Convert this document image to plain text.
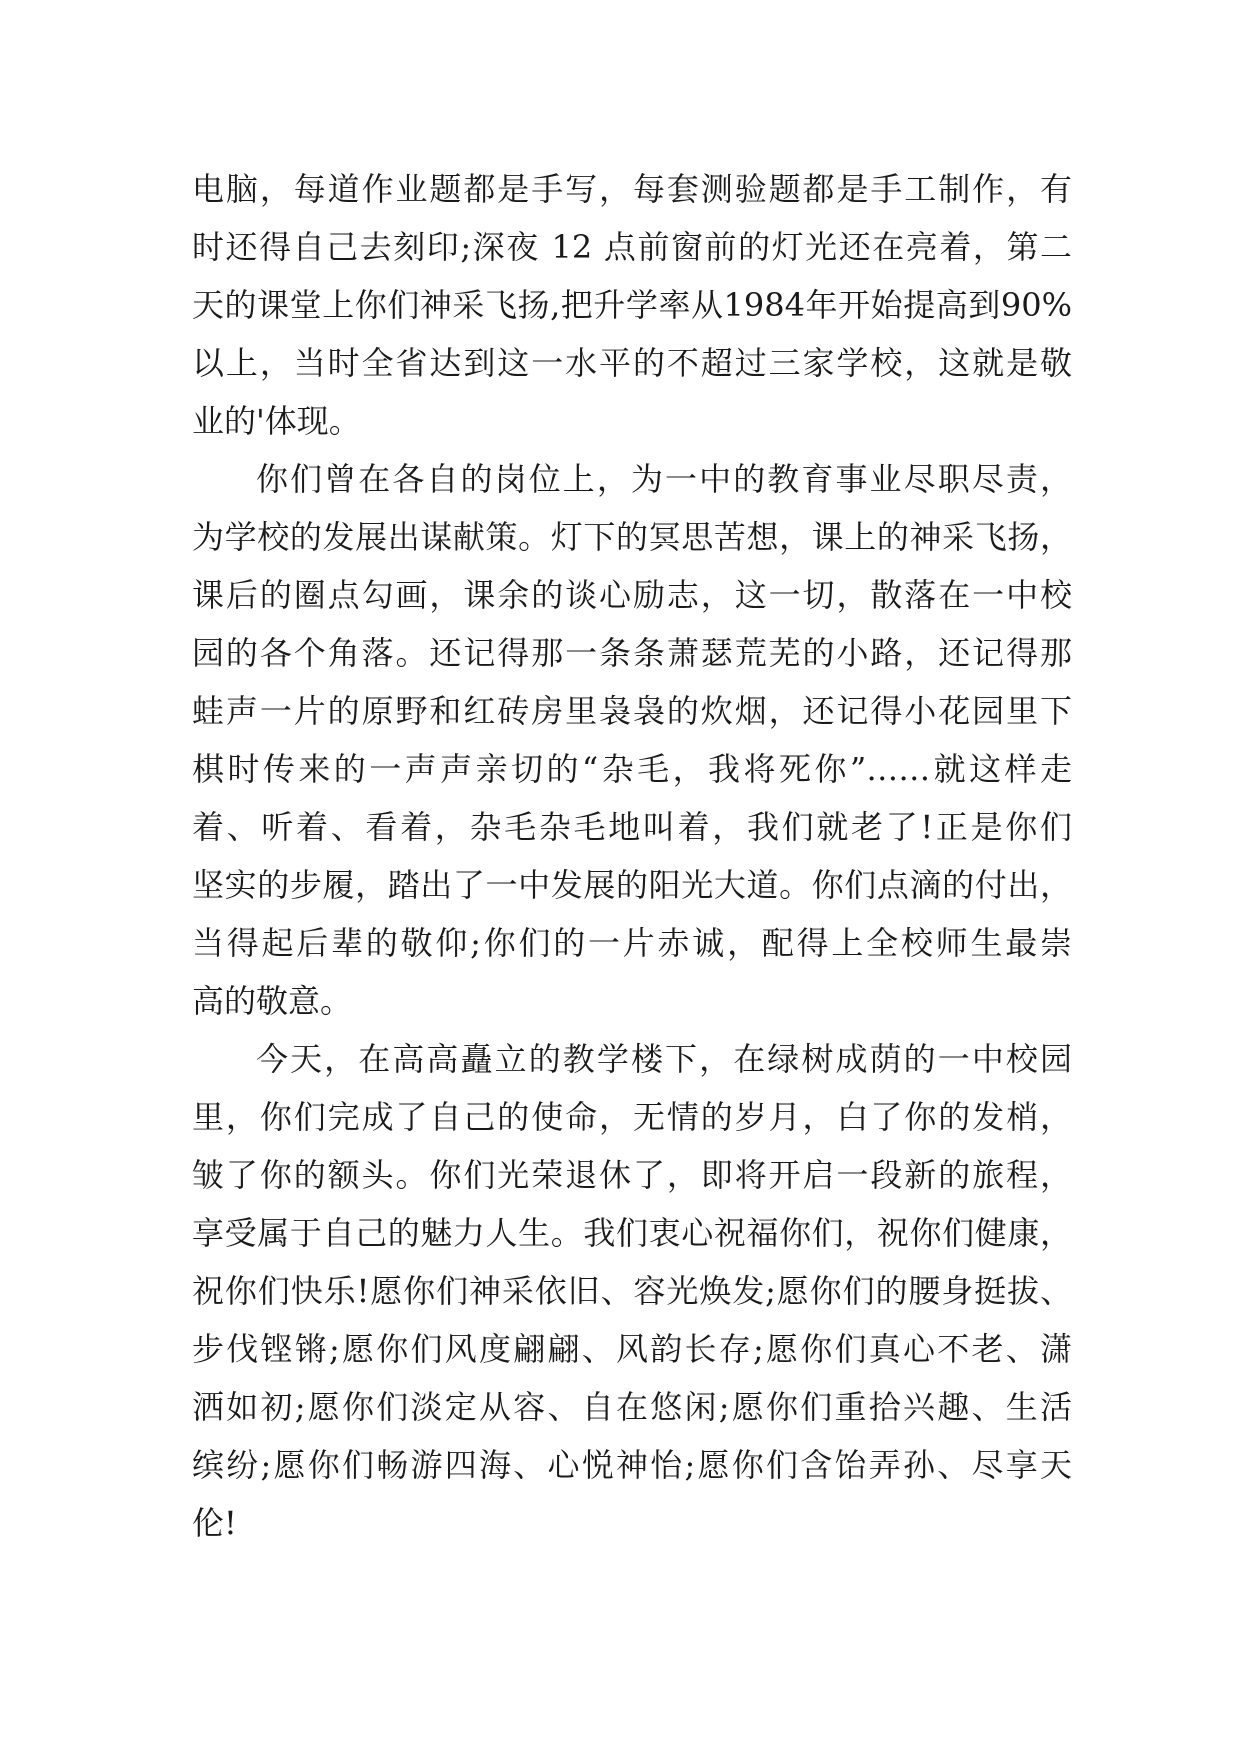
电脑，每道作业题都是手写，每套测验题都是手工制作，有
时还得自己去刻印;深夜 12 点前窗前的灯光还在亮着，第二
天的课堂上你们神采飞扬,把升学率从1984年开始提高到90%
以上，当时全省达到这一水平的不超过三家学校，这就是敬
业的'体现。
你们曾在各自的岗位上，为一中的教育事业尽职尽责，
为学校的发展出谋献策。灯下的冥思苦想，课上的神采飞扬，
课后的圈点勾画，课余的谈心励志，这一切，散落在一中校
园的各个角落。还记得那一条条萧瑟荒芜的小路，还记得那
蛙声一片的原野和红砖房里袅袅的炊烟，还记得小花园里下
棋时传来的一声声亲切的“杂毛，我将死你”……就这样走
着、听着、看着，杂毛杂毛地叫着，我们就老了!正是你们
坚实的步履，踏出了一中发展的阳光大道。你们点滴的付出，
当得起后辈的敬仰;你们的一片赤诚，配得上全校师生最崇
高的敬意。
今天，在高高矗立的教学楼下，在绿树成荫的一中校园
里，你们完成了自己的使命，无情的岁月，白了你的发梢，
皱了你的额头。你们光荣退休了，即将开启一段新的旅程，
享受属于自己的魅力人生。我们衷心祝福你们，祝你们健康，
祝你们快乐!愿你们神采依旧、容光焕发;愿你们的腰身挺拔、
步伐铿锵;愿你们风度翩翩、风韵长存;愿你们真心不老、潇
洒如初;愿你们淡定从容、自在悠闲;愿你们重拾兴趣、生活
缤纷;愿你们畅游四海、心悦神怡;愿你们含饴弄孙、尽享天
伦!
